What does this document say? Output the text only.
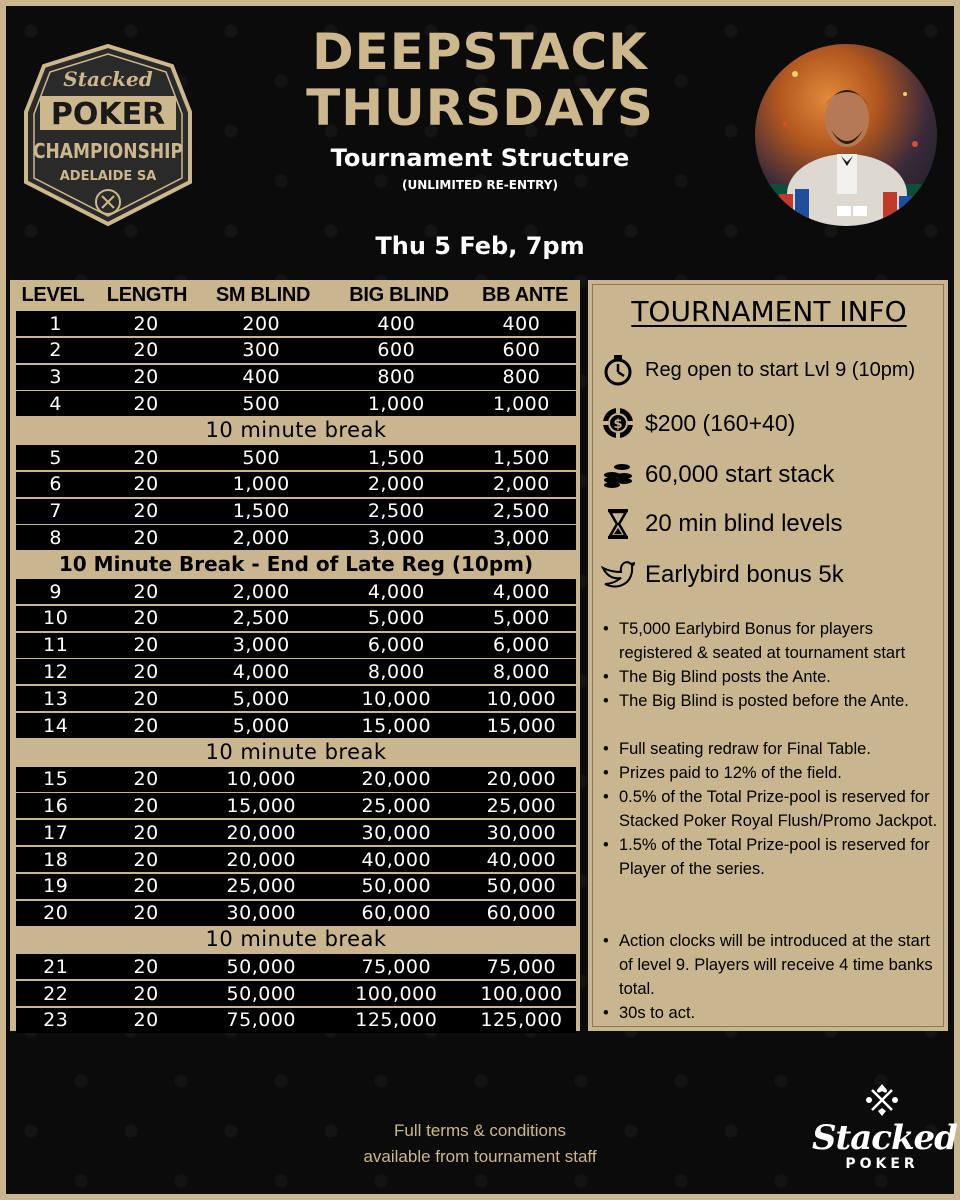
Stacked
POKER
CHAMPIONSHIP
ADELAIDE SA
DEEPSTACK
THURSDAYS
Tournament Structure
(UNLIMITED RE-ENTRY)
Thu 5 Feb, 7pm
LEVEL	LENGTH	SM BLIND	BIG BLIND	BB ANTE
1	20	200	400	400
2	20	300	600	600
3	20	400	800	800
4	20	500	1,000	1,000
10 minute break
5	20	500	1,500	1,500
6	20	1,000	2,000	2,000
7	20	1,500	2,500	2,500
8	20	2,000	3,000	3,000
10 Minute Break - End of Late Reg (10pm)
9	20	2,000	4,000	4,000
10	20	2,500	5,000	5,000
11	20	3,000	6,000	6,000
12	20	4,000	8,000	8,000
13	20	5,000	10,000	10,000
14	20	5,000	15,000	15,000
10 minute break
15	20	10,000	20,000	20,000
16	20	15,000	25,000	25,000
17	20	20,000	30,000	30,000
18	20	20,000	40,000	40,000
19	20	25,000	50,000	50,000
20	20	30,000	60,000	60,000
10 minute break
21	20	50,000	75,000	75,000
22	20	50,000	100,000	100,000
23	20	75,000	125,000	125,000
TOURNAMENT INFO
Reg open to start Lvl 9 (10pm)
$ $200 (160+40)
60,000 start stack
20 min blind levels
Earlybird bonus 5k
• T5,000 Earlybird Bonus for players registered & seated at tournament start
• The Big Blind posts the Ante.
• The Big Blind is posted before the Ante.
• Full seating redraw for Final Table.
• Prizes paid to 12% of the field.
• 0.5% of the Total Prize-pool is reserved for Stacked Poker Royal Flush/Promo Jackpot.
• 1.5% of the Total Prize-pool is reserved for Player of the series.
• Action clocks will be introduced at the start of level 9. Players will receive 4 time banks total.
• 30s to act.
Full terms & conditions
available from tournament staff	Stacked
POKER
